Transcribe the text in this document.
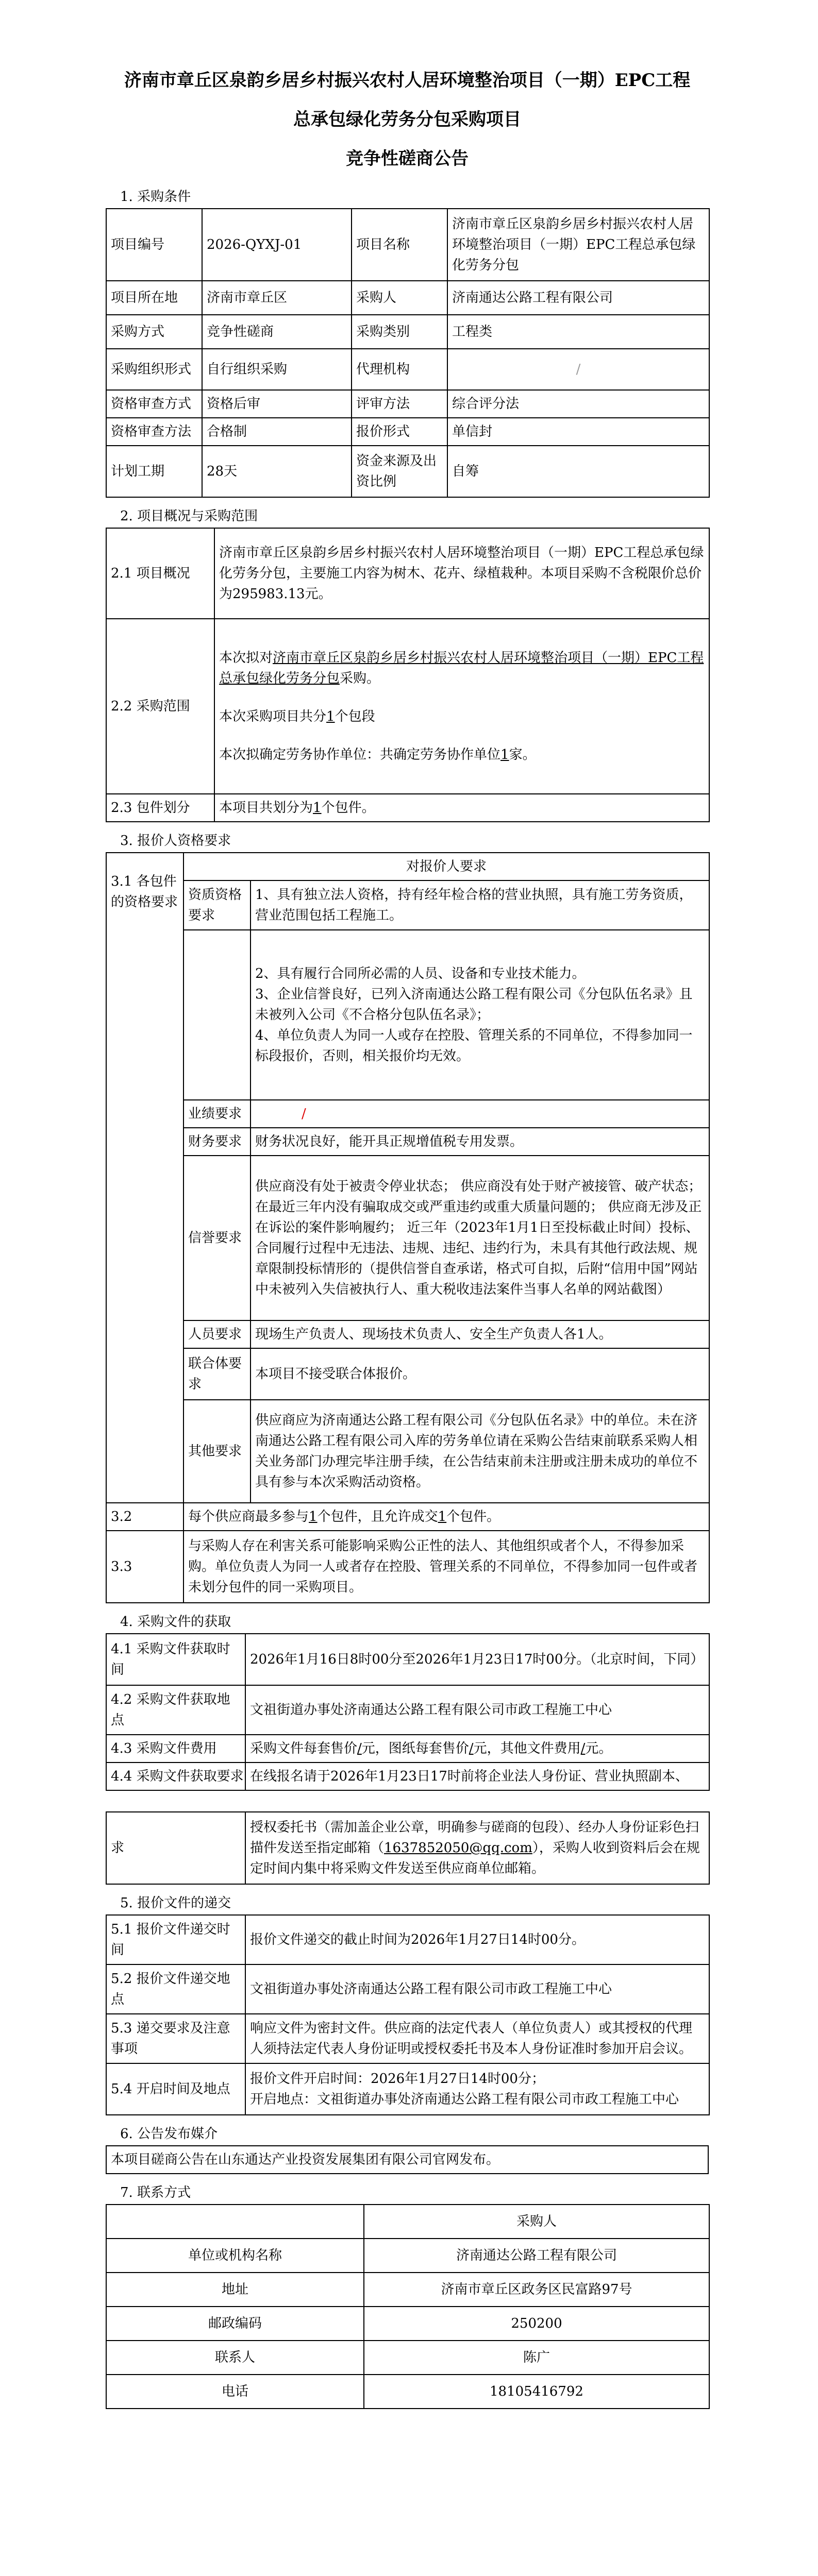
济南市章丘区泉韵乡居乡村振兴农村人居环境整治项目（一期）EPC工程
总承包绿化劳务分包采购项目
竞争性磋商公告
1. 采购条件
项目编号	2026-QYXJ-01	项目名称	济南市章丘区泉韵乡居乡村振兴农村人居环境整治项目（一期）EPC工程总承包绿化劳务分包
项目所在地	济南市章丘区	采购人	济南通达公路工程有限公司
采购方式	竞争性磋商	采购类别	工程类
采购组织形式	自行组织采购	代理机构	/
资格审查方式	资格后审	评审方法	综合评分法
资格审查方法	合格制	报价形式	单信封
计划工期	28天	资金来源及出资比例	自筹
2. 项目概况与采购范围
2.1 项目概况	济南市章丘区泉韵乡居乡村振兴农村人居环境整治项目（一期）EPC工程总承包绿化劳务分包，主要施工内容为树木、花卉、绿植栽种。本项目采购不含税限价总价为295983.13元。
2.2 采购范围	本次拟对济南市章丘区泉韵乡居乡村振兴农村人居环境整治项目（一期）EPC工程总承包绿化劳务分包采购。

本次采购项目共分1个包段

本次拟确定劳务协作单位：共确定劳务协作单位1家。

2.3 包件划分	本项目共划分为1个包件。
3. 报价人资格要求
3.1 各包件的资格要求	对报价人要求	
	资质资格要求	1、具有独立法人资格，持有经年检合格的营业执照，具有施工劳务资质，营业范围包括工程施工。

		2、具有履行合同所必需的人员、设备和专业技术能力。

3、企业信誉良好，已列入济南通达公路工程有限公司《分包队伍名录》且未被列入公司《不合格分包队伍名录》；

4、单位负责人为同一人或存在控股、管理关系的不同单位，不得参加同一标段报价，否则，相关报价均无效。

	业绩要求	/
	财务要求	财务状况良好，能开具正规增值税专用发票。
	信誉要求	供应商没有处于被责令停业状态； 供应商没有处于财产被接管、破产状态；在最近三年内没有骗取成交或严重违约或重大质量问题的； 供应商无涉及正在诉讼的案件影响履约； 近三年（2023年1月1日至投标截止时间）投标、合同履行过程中无违法、违规、违纪、违约行为，未具有其他行政法规、规章限制投标情形的（提供信誉自查承诺，格式可自拟，后附“信用中国”网站中未被列入失信被执行人、重大税收违法案件当事人名单的网站截图）
	人员要求	现场生产负责人、现场技术负责人、安全生产负责人各1人。
	联合体要求	本项目不接受联合体报价。
	其他要求	供应商应为济南通达公路工程有限公司《分包队伍名录》中的单位。未在济南通达公路工程有限公司入库的劳务单位请在采购公告结束前联系采购人相关业务部门办理完毕注册手续，在公告结束前未注册或注册未成功的单位不具有参与本次采购活动资格。
3.2	每个供应商最多参与1个包件，且允许成交1个包件。	
3.3	与采购人存在利害关系可能影响采购公正性的法人、其他组织或者个人，不得参加采购。单位负责人为同一人或者存在控股、管理关系的不同单位，不得参加同一包件或者未划分包件的同一采购项目。	
4. 采购文件的获取
4.1 采购文件获取时间	2026年1月16日8时00分至2026年1月23日17时00分。（北京时间，下同）
4.2 采购文件获取地点	文祖街道办事处济南通达公路工程有限公司市政工程施工中心
4.3 采购文件费用	采购文件每套售价/元，图纸每套售价/元，其他文件费用/元。
4.4 采购文件获取要求	在线报名请于2026年1月23日17时前将企业法人身份证、营业执照副本、
求	授权委托书（需加盖企业公章，明确参与磋商的包段）、经办人身份证彩色扫描件发送至指定邮箱（1637852050@qq.com），采购人收到资料后会在规定时间内集中将采购文件发送至供应商单位邮箱。
5. 报价文件的递交
5.1 报价文件递交时间	报价文件递交的截止时间为2026年1月27日14时00分。
5.2 报价文件递交地点	文祖街道办事处济南通达公路工程有限公司市政工程施工中心
5.3 递交要求及注意事项	响应文件为密封文件。供应商的法定代表人（单位负责人）或其授权的代理人须持法定代表人身份证明或授权委托书及本人身份证准时参加开启会议。
5.4 开启时间及地点	报价文件开启时间：2026年1月27日14时00分；

开启地点：文祖街道办事处济南通达公路工程有限公司市政工程施工中心

6. 公告发布媒介
本项目磋商公告在山东通达产业投资发展集团有限公司官网发布。
7. 联系方式
	采购人
单位或机构名称	济南通达公路工程有限公司
地址	济南市章丘区政务区民富路97号
邮政编码	250200
联系人	陈广
电话	18105416792
